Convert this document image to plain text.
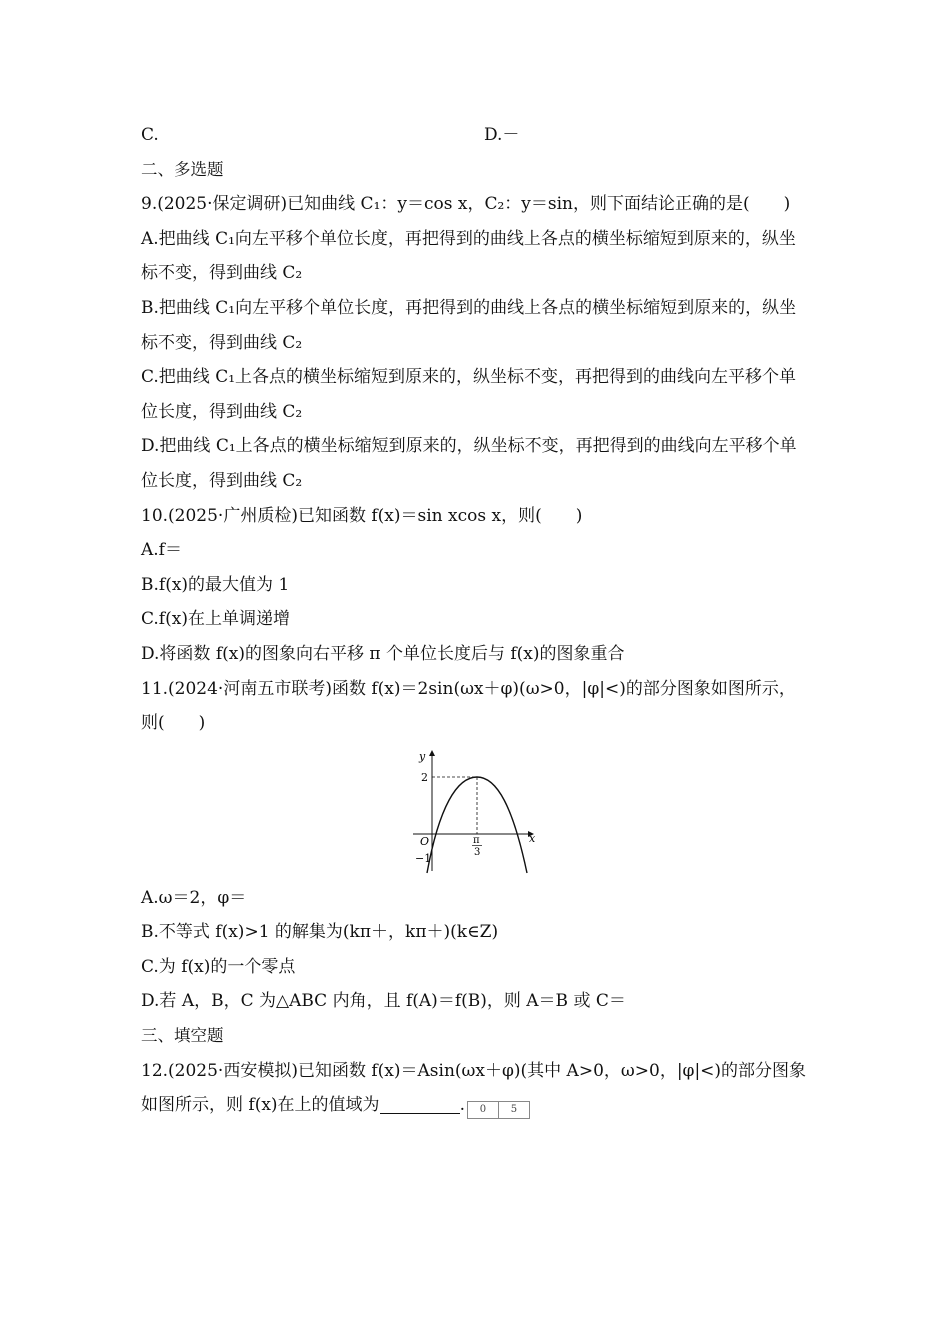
C.	D.－
二、多选题
9.(2025·保定调研)已知曲线 C₁：y＝cos x，C₂：y＝sin，则下面结论正确的是(　　)
A.把曲线 C₁向左平移个单位长度，再把得到的曲线上各点的横坐标缩短到原来的，纵坐标不变，得到曲线 C₂
B.把曲线 C₁向左平移个单位长度，再把得到的曲线上各点的横坐标缩短到原来的，纵坐标不变，得到曲线 C₂
C.把曲线 C₁上各点的横坐标缩短到原来的，纵坐标不变，再把得到的曲线向左平移个单位长度，得到曲线 C₂
D.把曲线 C₁上各点的横坐标缩短到原来的，纵坐标不变，再把得到的曲线向左平移个单位长度，得到曲线 C₂
10.(2025·广州质检)已知函数 f(x)＝sin xcos x，则(　　)
A.f＝
B.f(x)的最大值为 1
C.f(x)在上单调递增
D.将函数 f(x)的图象向右平移 π 个单位长度后与 f(x)的图象重合
11.(2024·河南五市联考)函数 f(x)＝2sin(ωx＋φ)(ω>0，|φ|<)的部分图象如图所示，则(　　)
y
x
O
2
−1
π
3
A.ω＝2，φ＝
B.不等式 f(x)>1 的解集为(kπ＋，kπ＋)(k∈Z)
C.为 f(x)的一个零点
D.若 A，B，C 为△ABC 内角，且 f(A)＝f(B)，则 A＝B 或 C＝
三、填空题
12.(2025·西安模拟)已知函数 f(x)＝Asin(ωx＋φ)(其中 A>0，ω>0，|φ|<)的部分图象如图所示，则 f(x)在上的值域为	. 0 5
